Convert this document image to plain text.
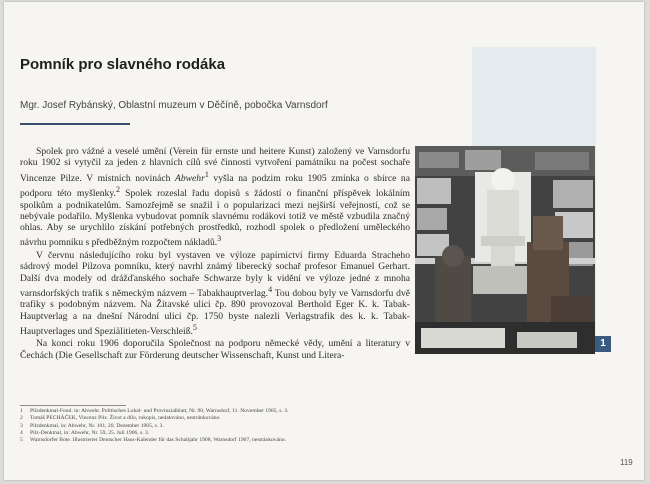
Pomník pro slavného rodáka
Mgr. Josef Rybánský, Oblastní muzeum v Děčíně, pobočka Varnsdorf

Spolek pro vážné a veselé umění (Verein für ernste und heitere Kunst) založený ve Varnsdorfu roku 1902 si vytyčil za jeden z hlavních cílů své činnosti vytvoření památníku na počest sochaře Vincenze Pilze. V místních novinách Abwehr$^1$ vyšla na podzim roku 1905 zmínka o sbírce na podporu této myšlenky.$^2$ Spolek rozeslal řadu dopisů s žádostí o finanční příspěvek lokálním spolkům a podnikatelům. Samozřejmě se snažil i o popularizaci mezi nejširší veřejností, což se nebývale podařilo. Myšlenka vybudovat pomník slavnému rodákovi totiž ve městě vzbudila značný ohlas. Aby se urychlilo získání potřebných prostředků, rozhodl spolek o předložení uměleckého návrhu pomníku s předběžným rozpočtem nákladů.$^3$

V červnu následujícího roku byl vystaven ve výloze papírnictví firmy Eduarda Stracheho sádrový model Pilzova pomníku, který navrhl známý liberecký sochař profesor Emanuel Gerhart. Další dva modely od drážďanského sochaře Schwarze byly k vidění ve výloze jedné z mnoha varnsdorfských trafik s německým názvem – Tabakhauptverlag.$^4$ Tou dobou byly ve Varnsdorfu dvě trafiky s podobným názvem. Na Žitavské ulici čp. 890 provozoval Berthold Eger K. k. Tabak-Hauptverlag a na dnešní Národní ulici čp. 1750 byste nalezli Verlagstrafik des k. k. Tabak-Hauptverlages und Speziälitieten-Verschleiß.$^5$

Na konci roku 1906 doporučila Společnost na podporu německé vědy, umění a literatury v Čechách (Die Gesellschaft zur Förderung deutscher Wissenschaft, Kunst und Litera-

1
1 Pilzdenkmal-Fond. in: Abwehr. Politisches Lokal- und Provinzialblatt, Nr. 90, Warnsdorf, 11. November 1905, s. 3.
2 Tomáš PECHÁČEK, Vincenz Pilz. Život a dílo, rukopis, nedatováno, nestránkováno.
3 Pilzdenkmal, in: Abwehr, Nr. 101, 20. Dezember 1905, s. 3.
4 Pilz-Denkmal, in: Abwehr, Nr. 59, 25. Juli 1906, s. 3.
5 Warnsdorfer Bote. Illustrierter Deutscher Haus-Kalender für das Schaltjahr 1908, Warnsdorf 1907, nestránkováno.
119
